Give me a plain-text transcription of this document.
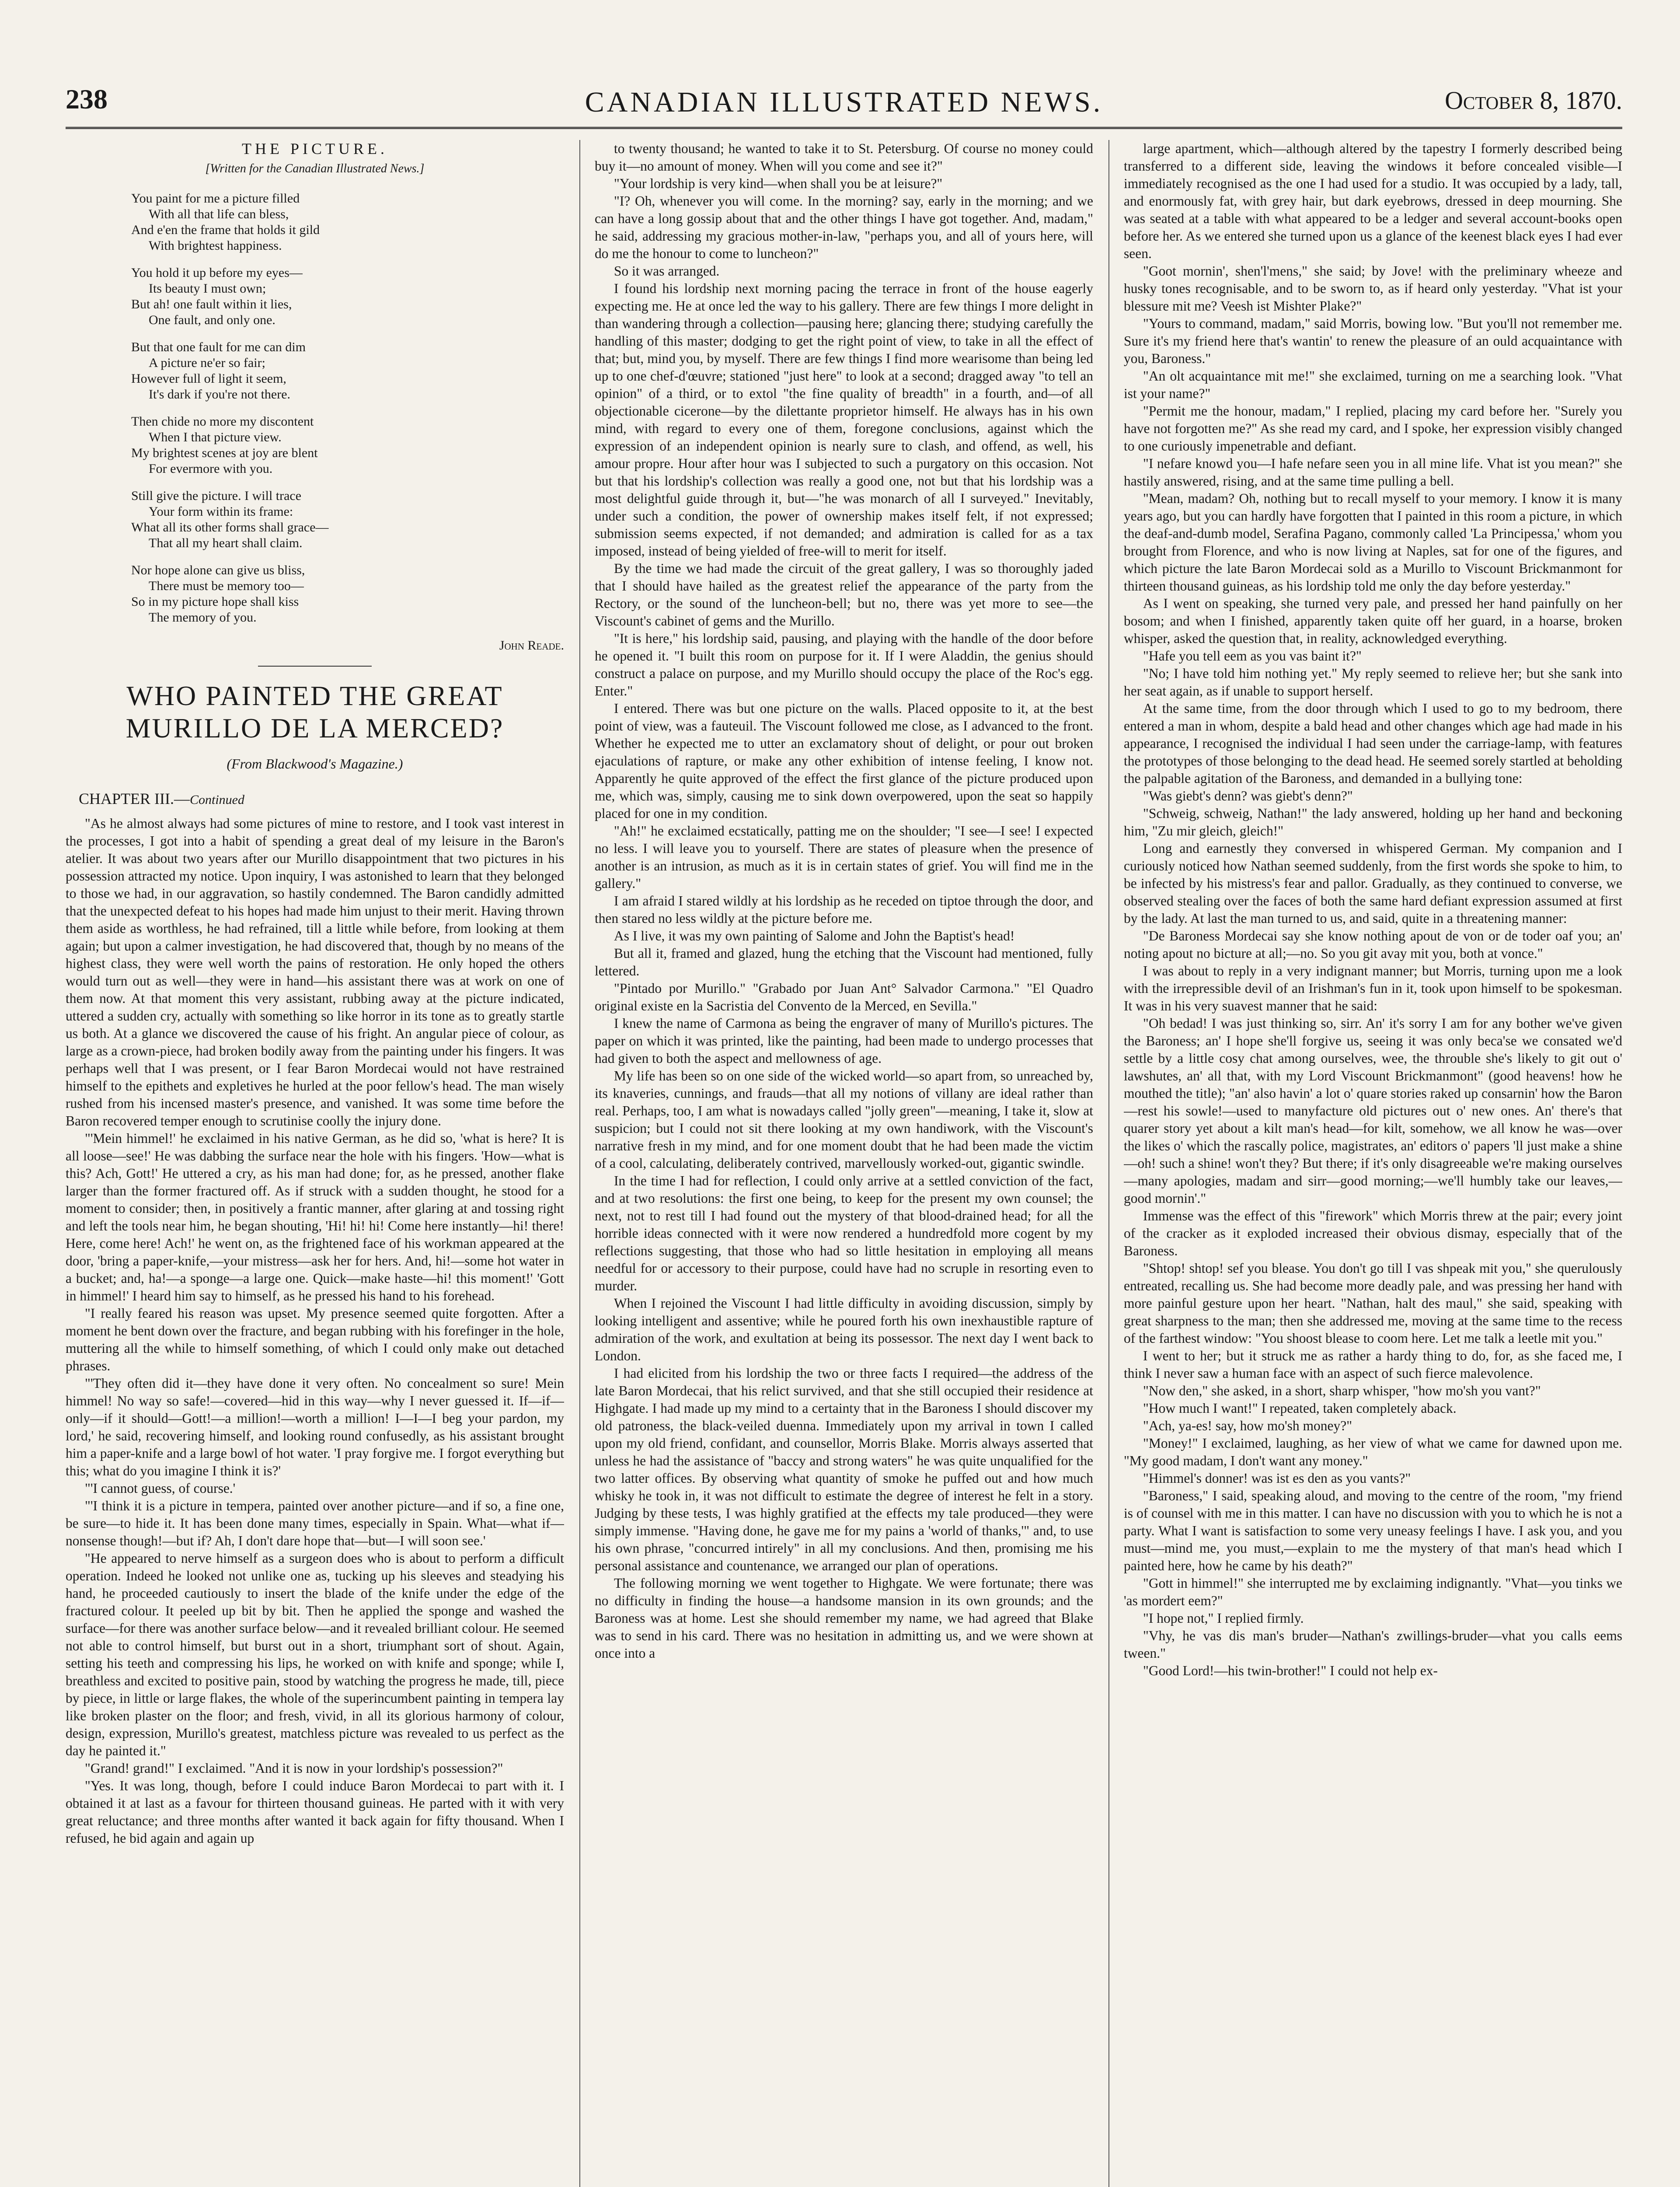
238	CANADIAN ILLUSTRATED NEWS.	October 8, 1870.
THE PICTURE.
[Written for the Canadian Illustrated News.]
You paint for me a picture filled
With all that life can bless,
And e'en the frame that holds it gild
With brightest happiness.
You hold it up before my eyes—
Its beauty I must own;
But ah! one fault within it lies,
One fault, and only one.
But that one fault for me can dim
A picture ne'er so fair;
However full of light it seem,
It's dark if you're not there.
Then chide no more my discontent
When I that picture view.
My brightest scenes at joy are blent
For evermore with you.
Still give the picture. I will trace
Your form within its frame:
What all its other forms shall grace—
That all my heart shall claim.
Nor hope alone can give us bliss,
There must be memory too—
So in my picture hope shall kiss
The memory of you.
John Reade.
WHO PAINTED THE GREAT MURILLO DE LA MERCED?
(From Blackwood's Magazine.)
CHAPTER III.—Continued

"As he almost always had some pictures of mine to restore, and I took vast interest in the processes, I got into a habit of spending a great deal of my leisure in the Baron's atelier. It was about two years after our Murillo disappointment that two pictures in his possession attracted my notice. Upon inquiry, I was astonished to learn that they belonged to those we had, in our aggravation, so hastily condemned. The Baron candidly admitted that the unexpected defeat to his hopes had made him unjust to their merit. Having thrown them aside as worthless, he had refrained, till a little while before, from looking at them again; but upon a calmer investigation, he had discovered that, though by no means of the highest class, they were well worth the pains of restoration. He only hoped the others would turn out as well—they were in hand—his assistant there was at work on one of them now. At that moment this very assistant, rubbing away at the picture indicated, uttered a sudden cry, actually with something so like horror in its tone as to greatly startle us both. At a glance we discovered the cause of his fright. An angular piece of colour, as large as a crown-piece, had broken bodily away from the painting under his fingers. It was perhaps well that I was present, or I fear Baron Mordecai would not have restrained himself to the epithets and expletives he hurled at the poor fellow's head. The man wisely rushed from his incensed master's presence, and vanished. It was some time before the Baron recovered temper enough to scrutinise coolly the injury done.

"'Mein himmel!' he exclaimed in his native German, as he did so, 'what is here? It is all loose—see!' He was dabbing the surface near the hole with his fingers. 'How—what is this? Ach, Gott!' He uttered a cry, as his man had done; for, as he pressed, another flake larger than the former fractured off. As if struck with a sudden thought, he stood for a moment to consider; then, in positively a frantic manner, after glaring at and tossing right and left the tools near him, he began shouting, 'Hi! hi! hi! Come here instantly—hi! there! Here, come here! Ach!' he went on, as the frightened face of his workman appeared at the door, 'bring a paper-knife,—your mistress—ask her for hers. And, hi!—some hot water in a bucket; and, ha!—a sponge—a large one. Quick—make haste—hi! this moment!' 'Gott in himmel!' I heard him say to himself, as he pressed his hand to his forehead.

"I really feared his reason was upset. My presence seemed quite forgotten. After a moment he bent down over the fracture, and began rubbing with his forefinger in the hole, muttering all the while to himself something, of which I could only make out detached phrases.

"'They often did it—they have done it very often. No concealment so sure! Mein himmel! No way so safe!—covered—hid in this way—why I never guessed it. If—if—only—if it should—Gott!—a million!—worth a million! I—I—I beg your pardon, my lord,' he said, recovering himself, and looking round confusedly, as his assistant brought him a paper-knife and a large bowl of hot water. 'I pray forgive me. I forgot everything but this; what do you imagine I think it is?'

"'I cannot guess, of course.'

"'I think it is a picture in tempera, painted over another picture—and if so, a fine one, be sure—to hide it. It has been done many times, especially in Spain. What—what if—nonsense though!—but if? Ah, I don't dare hope that—but—I will soon see.'

"He appeared to nerve himself as a surgeon does who is about to perform a difficult operation. Indeed he looked not unlike one as, tucking up his sleeves and steadying his hand, he proceeded cautiously to insert the blade of the knife under the edge of the fractured colour. It peeled up bit by bit. Then he applied the sponge and washed the surface—for there was another surface below—and it revealed brilliant colour. He seemed not able to control himself, but burst out in a short, triumphant sort of shout. Again, setting his teeth and compressing his lips, he worked on with knife and sponge; while I, breathless and excited to positive pain, stood by watching the progress he made, till, piece by piece, in little or large flakes, the whole of the superincumbent painting in tempera lay like broken plaster on the floor; and fresh, vivid, in all its glorious harmony of colour, design, expression, Murillo's greatest, matchless picture was revealed to us perfect as the day he painted it."

"Grand! grand!" I exclaimed. "And it is now in your lordship's possession?"

"Yes. It was long, though, before I could induce Baron Mordecai to part with it. I obtained it at last as a favour for thirteen thousand guineas. He parted with it with very great reluctance; and three months after wanted it back again for fifty thousand. When I refused, he bid again and again up

to twenty thousand; he wanted to take it to St. Petersburg. Of course no money could buy it—no amount of money. When will you come and see it?"

"Your lordship is very kind—when shall you be at leisure?"

"I? Oh, whenever you will come. In the morning? say, early in the morning; and we can have a long gossip about that and the other things I have got together. And, madam," he said, addressing my gracious mother-in-law, "perhaps you, and all of yours here, will do me the honour to come to luncheon?"

So it was arranged.

I found his lordship next morning pacing the terrace in front of the house eagerly expecting me. He at once led the way to his gallery. There are few things I more delight in than wandering through a collection—pausing here; glancing there; studying carefully the handling of this master; dodging to get the right point of view, to take in all the effect of that; but, mind you, by myself. There are few things I find more wearisome than being led up to one chef-d'œuvre; stationed "just here" to look at a second; dragged away "to tell an opinion" of a third, or to extol "the fine quality of breadth" in a fourth, and—of all objectionable cicerone—by the dilettante proprietor himself. He always has in his own mind, with regard to every one of them, foregone conclusions, against which the expression of an independent opinion is nearly sure to clash, and offend, as well, his amour propre. Hour after hour was I subjected to such a purgatory on this occasion. Not but that his lordship's collection was really a good one, not but that his lordship was a most delightful guide through it, but—"he was monarch of all I surveyed." Inevitably, under such a condition, the power of ownership makes itself felt, if not expressed; submission seems expected, if not demanded; and admiration is called for as a tax imposed, instead of being yielded of free-will to merit for itself.

By the time we had made the circuit of the great gallery, I was so thoroughly jaded that I should have hailed as the greatest relief the appearance of the party from the Rectory, or the sound of the luncheon-bell; but no, there was yet more to see—the Viscount's cabinet of gems and the Murillo.

"It is here," his lordship said, pausing, and playing with the handle of the door before he opened it. "I built this room on purpose for it. If I were Aladdin, the genius should construct a palace on purpose, and my Murillo should occupy the place of the Roc's egg. Enter."

I entered. There was but one picture on the walls. Placed opposite to it, at the best point of view, was a fauteuil. The Viscount followed me close, as I advanced to the front. Whether he expected me to utter an exclamatory shout of delight, or pour out broken ejaculations of rapture, or make any other exhibition of intense feeling, I know not. Apparently he quite approved of the effect the first glance of the picture produced upon me, which was, simply, causing me to sink down overpowered, upon the seat so happily placed for one in my condition.

"Ah!" he exclaimed ecstatically, patting me on the shoulder; "I see—I see! I expected no less. I will leave you to yourself. There are states of pleasure when the presence of another is an intrusion, as much as it is in certain states of grief. You will find me in the gallery."

I am afraid I stared wildly at his lordship as he receded on tiptoe through the door, and then stared no less wildly at the picture before me.

As I live, it was my own painting of Salome and John the Baptist's head!

But all it, framed and glazed, hung the etching that the Viscount had mentioned, fully lettered.

"Pintado por Murillo." "Grabado por Juan Ant° Salvador Carmona." "El Quadro original existe en la Sacristia del Convento de la Merced, en Sevilla."

I knew the name of Carmona as being the engraver of many of Murillo's pictures. The paper on which it was printed, like the painting, had been made to undergo processes that had given to both the aspect and mellowness of age.

My life has been so on one side of the wicked world—so apart from, so unreached by, its knaveries, cunnings, and frauds—that all my notions of villany are ideal rather than real. Perhaps, too, I am what is nowadays called "jolly green"—meaning, I take it, slow at suspicion; but I could not sit there looking at my own handiwork, with the Viscount's narrative fresh in my mind, and for one moment doubt that he had been made the victim of a cool, calculating, deliberately contrived, marvellously worked-out, gigantic swindle.

In the time I had for reflection, I could only arrive at a settled conviction of the fact, and at two resolutions: the first one being, to keep for the present my own counsel; the next, not to rest till I had found out the mystery of that blood-drained head; for all the horrible ideas connected with it were now rendered a hundredfold more cogent by my reflections suggesting, that those who had so little hesitation in employing all means needful for or accessory to their purpose, could have had no scruple in resorting even to murder.

When I rejoined the Viscount I had little difficulty in avoiding discussion, simply by looking intelligent and assentive; while he poured forth his own inexhaustible rapture of admiration of the work, and exultation at being its possessor. The next day I went back to London.

I had elicited from his lordship the two or three facts I required—the address of the late Baron Mordecai, that his relict survived, and that she still occupied their residence at Highgate. I had made up my mind to a certainty that in the Baroness I should discover my old patroness, the black-veiled duenna. Immediately upon my arrival in town I called upon my old friend, confidant, and counsellor, Morris Blake. Morris always asserted that unless he had the assistance of "baccy and strong waters" he was quite unqualified for the two latter offices. By observing what quantity of smoke he puffed out and how much whisky he took in, it was not difficult to estimate the degree of interest he felt in a story. Judging by these tests, I was highly gratified at the effects my tale produced—they were simply immense. "Having done, he gave me for my pains a 'world of thanks,'" and, to use his own phrase, "concurred intirely" in all my conclusions. And then, promising me his personal assistance and countenance, we arranged our plan of operations.

The following morning we went together to Highgate. We were fortunate; there was no difficulty in finding the house—a handsome mansion in its own grounds; and the Baroness was at home. Lest she should remember my name, we had agreed that Blake was to send in his card. There was no hesitation in admitting us, and we were shown at once into a

large apartment, which—although altered by the tapestry I formerly described being transferred to a different side, leaving the windows it before concealed visible—I immediately recognised as the one I had used for a studio. It was occupied by a lady, tall, and enormously fat, with grey hair, but dark eyebrows, dressed in deep mourning. She was seated at a table with what appeared to be a ledger and several account-books open before her. As we entered she turned upon us a glance of the keenest black eyes I had ever seen.

"Goot mornin', shen'l'mens," she said; by Jove! with the preliminary wheeze and husky tones recognisable, and to be sworn to, as if heard only yesterday. "Vhat ist your blessure mit me? Veesh ist Mishter Plake?"

"Yours to command, madam," said Morris, bowing low. "But you'll not remember me. Sure it's my friend here that's wantin' to renew the pleasure of an ould acquaintance with you, Baroness."

"An olt acquaintance mit me!" she exclaimed, turning on me a searching look. "Vhat ist your name?"

"Permit me the honour, madam," I replied, placing my card before her. "Surely you have not forgotten me?" As she read my card, and I spoke, her expression visibly changed to one curiously impenetrable and defiant.

"I nefare knowd you—I hafe nefare seen you in all mine life. Vhat ist you mean?" she hastily answered, rising, and at the same time pulling a bell.

"Mean, madam? Oh, nothing but to recall myself to your memory. I know it is many years ago, but you can hardly have forgotten that I painted in this room a picture, in which the deaf-and-dumb model, Serafina Pagano, commonly called 'La Principessa,' whom you brought from Florence, and who is now living at Naples, sat for one of the figures, and which picture the late Baron Mordecai sold as a Murillo to Viscount Brickmanmont for thirteen thousand guineas, as his lordship told me only the day before yesterday."

As I went on speaking, she turned very pale, and pressed her hand painfully on her bosom; and when I finished, apparently taken quite off her guard, in a hoarse, broken whisper, asked the question that, in reality, acknowledged everything.

"Hafe you tell eem as you vas baint it?"

"No; I have told him nothing yet." My reply seemed to relieve her; but she sank into her seat again, as if unable to support herself.

At the same time, from the door through which I used to go to my bedroom, there entered a man in whom, despite a bald head and other changes which age had made in his appearance, I recognised the individual I had seen under the carriage-lamp, with features the prototypes of those belonging to the dead head. He seemed sorely startled at beholding the palpable agitation of the Baroness, and demanded in a bullying tone:

"Was giebt's denn? was giebt's denn?"

"Schweig, schweig, Nathan!" the lady answered, holding up her hand and beckoning him, "Zu mir gleich, gleich!"

Long and earnestly they conversed in whispered German. My companion and I curiously noticed how Nathan seemed suddenly, from the first words she spoke to him, to be infected by his mistress's fear and pallor. Gradually, as they continued to converse, we observed stealing over the faces of both the same hard defiant expression assumed at first by the lady. At last the man turned to us, and said, quite in a threatening manner:

"De Baroness Mordecai say she know nothing apout de von or de toder oaf you; an' noting apout no bicture at all;—no. So you git avay mit you, both at vonce."

I was about to reply in a very indignant manner; but Morris, turning upon me a look with the irrepressible devil of an Irishman's fun in it, took upon himself to be spokesman. It was in his very suavest manner that he said:

"Oh bedad! I was just thinking so, sirr. An' it's sorry I am for any bother we've given the Baroness; an' I hope she'll forgive us, seeing it was only beca'se we consated we'd settle by a little cosy chat among ourselves, wee, the throuble she's likely to git out o' lawshutes, an' all that, with my Lord Viscount Brickmanmont" (good heavens! how he mouthed the title); "an' also havin' a lot o' quare stories raked up consarnin' how the Baron—rest his sowle!—used to manyfacture old pictures out o' new ones. An' there's that quarer story yet about a kilt man's head—for kilt, somehow, we all know he was—over the likes o' which the rascally police, magistrates, an' editors o' papers 'll just make a shine—oh! such a shine! won't they? But there; if it's only disagreeable we're making ourselves—many apologies, madam and sirr—good morning;—we'll humbly take our leaves,—good mornin'."

Immense was the effect of this "firework" which Morris threw at the pair; every joint of the cracker as it exploded increased their obvious dismay, especially that of the Baroness.

"Shtop! shtop! sef you blease. You don't go till I vas shpeak mit you," she querulously entreated, recalling us. She had become more deadly pale, and was pressing her hand with more painful gesture upon her heart. "Nathan, halt des maul," she said, speaking with great sharpness to the man; then she addressed me, moving at the same time to the recess of the farthest window: "You shoost blease to coom here. Let me talk a leetle mit you."

I went to her; but it struck me as rather a hardy thing to do, for, as she faced me, I think I never saw a human face with an aspect of such fierce malevolence.

"Now den," she asked, in a short, sharp whisper, "how mo'sh you vant?"

"How much I want!" I repeated, taken completely aback.

"Ach, ya-es! say, how mo'sh money?"

"Money!" I exclaimed, laughing, as her view of what we came for dawned upon me. "My good madam, I don't want any money."

"Himmel's donner! was ist es den as you vants?"

"Baroness," I said, speaking aloud, and moving to the centre of the room, "my friend is of counsel with me in this matter. I can have no discussion with you to which he is not a party. What I want is satisfaction to some very uneasy feelings I have. I ask you, and you must—mind me, you must,—explain to me the mystery of that man's head which I painted here, how he came by his death?"

"Gott in himmel!" she interrupted me by exclaiming indignantly. "Vhat—you tinks we 'as mordert eem?"

"I hope not," I replied firmly.

"Vhy, he vas dis man's bruder—Nathan's zwillings-bruder—vhat you calls eems tween."

"Good Lord!—his twin-brother!" I could not help ex-
